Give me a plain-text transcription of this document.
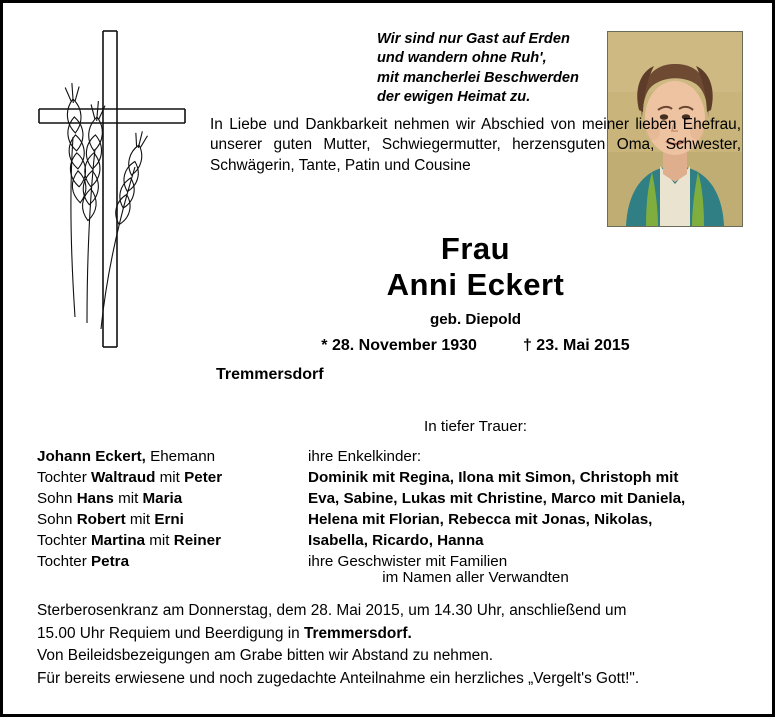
Wir sind nur Gast auf Erden
und wandern ohne Ruh',
mit mancherlei Beschwerden
der ewigen Heimat zu.
In Liebe und Dankbarkeit nehmen wir Abschied von meiner lieben Ehefrau, unserer guten Mutter, Schwiegermutter, herzensguten Oma, Schwester, Schwägerin, Tante, Patin und Cousine
Frau
Anni Eckert
geb. Diepold
* 28. November 1930	† 23. Mai 2015
Tremmersdorf
In tiefer Trauer:
Johann Eckert, Ehemann
Tochter Waltraud mit Peter
Sohn Hans mit Maria
Sohn Robert mit Erni
Tochter Martina mit Reiner
Tochter Petra
ihre Enkelkinder:
Dominik mit Regina, Ilona mit Simon, Christoph mit
Eva, Sabine, Lukas mit Christine, Marco mit Daniela,
Helena mit Florian, Rebecca mit Jonas, Nikolas,
Isabella, Ricardo, Hanna
ihre Geschwister mit Familien
im Namen aller Verwandten
Sterberosenkranz am Donnerstag, dem 28. Mai 2015, um 14.30 Uhr, anschließend um
15.00 Uhr Requiem und Beerdigung in Tremmersdorf.
Von Beileidsbezeigungen am Grabe bitten wir Abstand zu nehmen.
Für bereits erwiesene und noch zugedachte Anteilnahme ein herzliches „Vergelt's Gott!".
